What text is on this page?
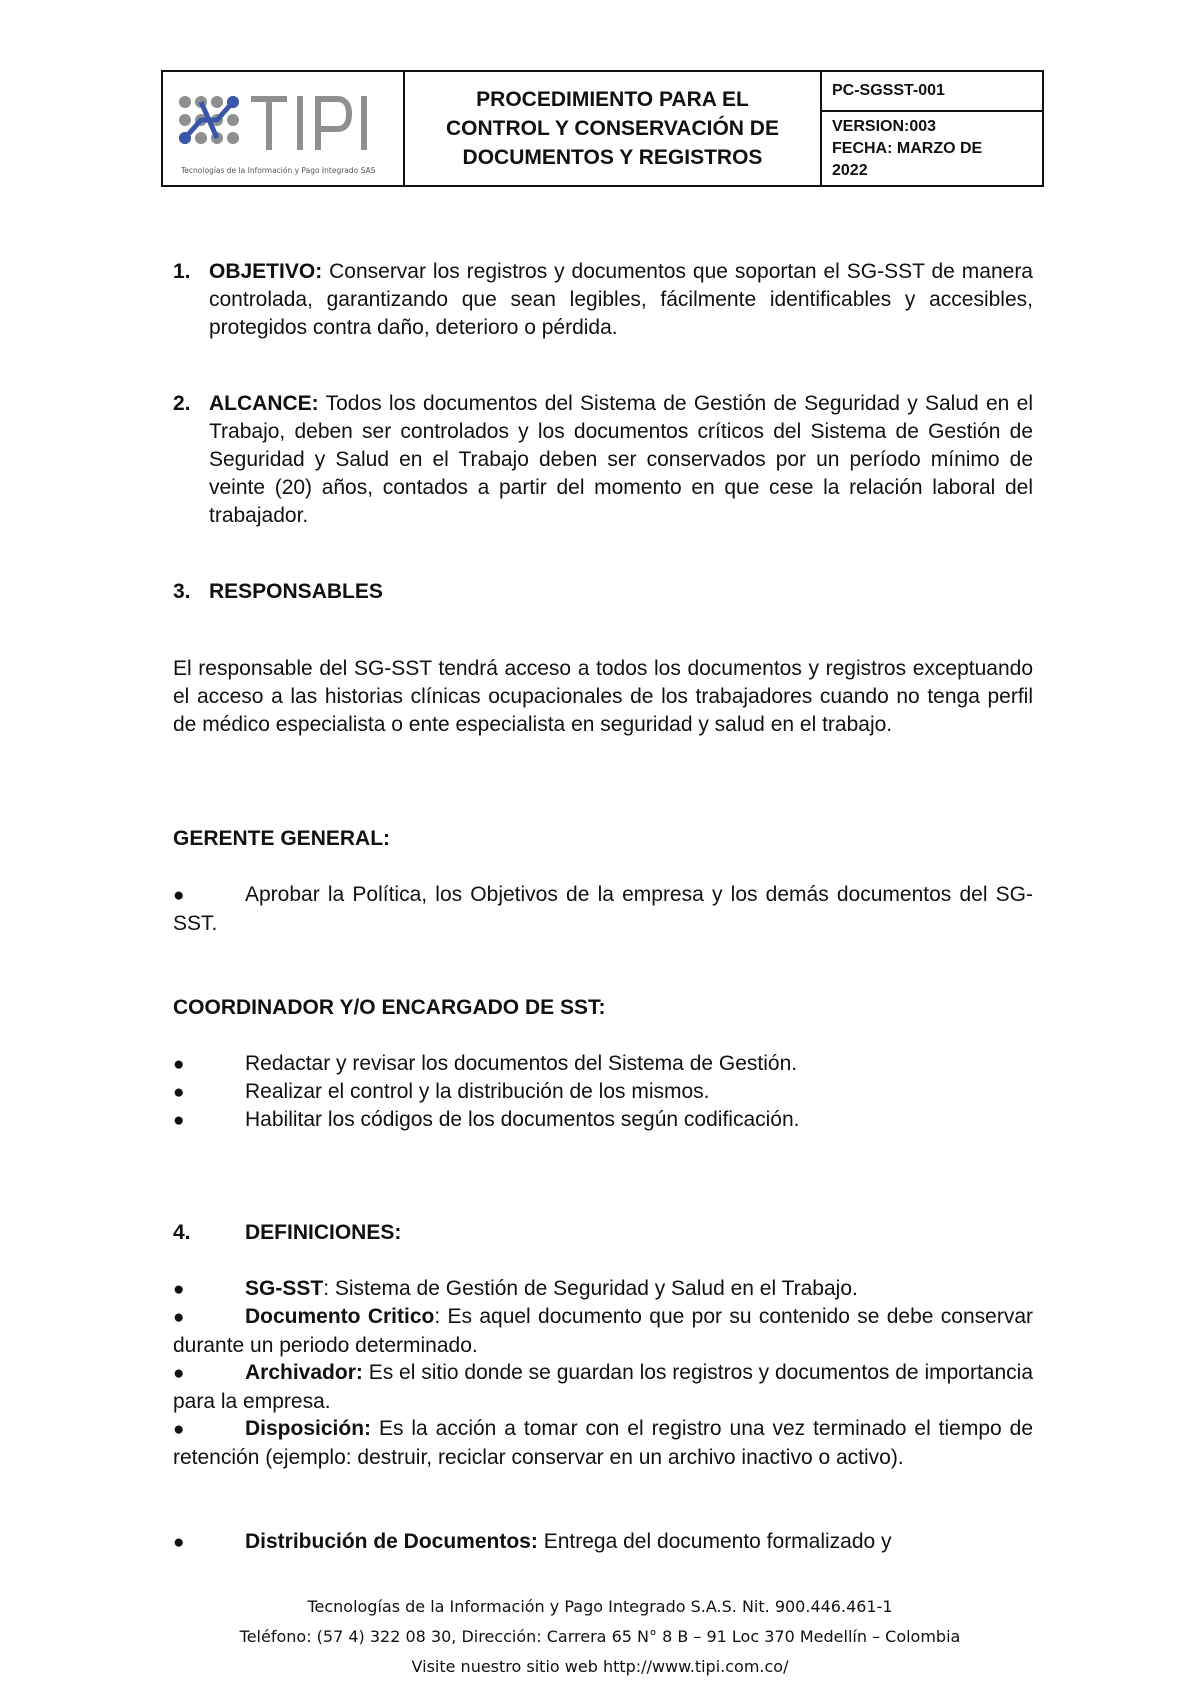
Tecnologías de la Información y Pago Integrado SAS

PROCEDIMIENTO PARA EL
CONTROL Y CONSERVACIÓN DE
DOCUMENTOS Y REGISTROS
	PC-SGSST-001

VERSION:003
FECHA: MARZO DE
2022
1. OBJETIVO: Conservar los registros y documentos que soportan el SG-SST de manera controlada, garantizando que sean legibles, fácilmente identificables y accesibles, protegidos contra daño, deterioro o pérdida.
2. ALCANCE: Todos los documentos del Sistema de Gestión de Seguridad y Salud en el Trabajo, deben ser controlados y los documentos críticos del Sistema de Gestión de Seguridad y Salud en el Trabajo deben ser conservados por un período mínimo de veinte (20) años, contados a partir del momento en que cese la relación laboral del trabajador.
3. RESPONSABLES
El responsable del SG-SST tendrá acceso a todos los documentos y registros exceptuando el acceso a las historias clínicas ocupacionales de los trabajadores cuando no tenga perfil de médico especialista o ente especialista en seguridad y salud en el trabajo.
GERENTE GENERAL:
●	Aprobar la Política, los Objetivos de la empresa y los demás documentos del SG-SST.
COORDINADOR Y/O ENCARGADO DE SST:
●	Redactar y revisar los documentos del Sistema de Gestión.
●	Realizar el control y la distribución de los mismos.
●	Habilitar los códigos de los documentos según codificación.
4.	DEFINICIONES:
●	SG-SST: Sistema de Gestión de Seguridad y Salud en el Trabajo.
●	Documento Critico: Es aquel documento que por su contenido se debe conservar durante un periodo determinado.
●	Archivador: Es el sitio donde se guardan los registros y documentos de importancia para la empresa.
●	Disposición: Es la acción a tomar con el registro una vez terminado el tiempo de retención (ejemplo: destruir, reciclar conservar en un archivo inactivo o activo).
●	Distribución de Documentos: Entrega del documento formalizado y
Tecnologías de la Información y Pago Integrado S.A.S. Nit. 900.446.461-1
Teléfono: (57 4) 322 08 30, Dirección: Carrera 65 N° 8 B – 91 Loc 370 Medellín – Colombia
Visite nuestro sitio web http://www.tipi.com.co/
